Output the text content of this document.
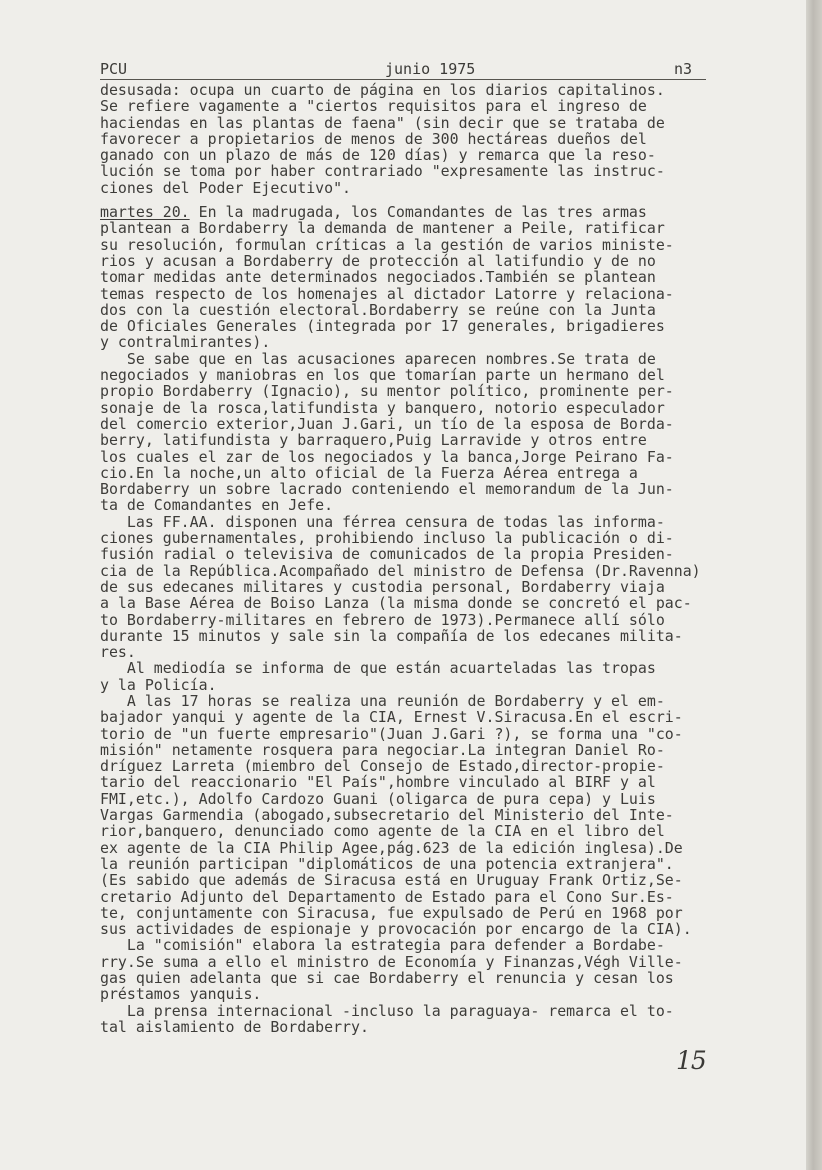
PCU	junio 1975	n3
desusada: ocupa un cuarto de página en los diarios capitalinos.
Se refiere vagamente a "ciertos requisitos para el ingreso de
haciendas en las plantas de faena" (sin decir que se trataba de
favorecer a propietarios de menos de 300 hectáreas dueños del
ganado con un plazo de más de 120 días) y remarca que la reso-
lución se toma por haber contrariado "expresamente las instruc-
ciones del Poder Ejecutivo".
martes 20. En la madrugada, los Comandantes de las tres armas
plantean a Bordaberry la demanda de mantener a Peile, ratificar
su resolución, formulan críticas a la gestión de varios ministe-
rios y acusan a Bordaberry de protección al latifundio y de no
tomar medidas ante determinados negociados.También se plantean
temas respecto de los homenajes al dictador Latorre y relaciona-
dos con la cuestión electoral.Bordaberry se reúne con la Junta
de Oficiales Generales (integrada por 17 generales, brigadieres
y contralmirantes).
Se sabe que en las acusaciones aparecen nombres.Se trata de
negociados y maniobras en los que tomarían parte un hermano del
propio Bordaberry (Ignacio), su mentor político, prominente per-
sonaje de la rosca,latifundista y banquero, notorio especulador
del comercio exterior,Juan J.Gari, un tío de la esposa de Borda-
berry, latifundista y barraquero,Puig Larravide y otros entre
los cuales el zar de los negociados y la banca,Jorge Peirano Fa-
cio.En la noche,un alto oficial de la Fuerza Aérea entrega a
Bordaberry un sobre lacrado conteniendo el memorandum de la Jun-
ta de Comandantes en Jefe.
Las FF.AA. disponen una férrea censura de todas las informa-
ciones gubernamentales, prohibiendo incluso la publicación o di-
fusión radial o televisiva de comunicados de la propia Presiden-
cia de la República.Acompañado del ministro de Defensa (Dr.Ravenna)
de sus edecanes militares y custodia personal, Bordaberry viaja
a la Base Aérea de Boiso Lanza (la misma donde se concretó el pac-
to Bordaberry-militares en febrero de 1973).Permanece allí sólo
durante 15 minutos y sale sin la compañía de los edecanes milita-
res.
Al mediodía se informa de que están acuarteladas las tropas
y la Policía.
A las 17 horas se realiza una reunión de Bordaberry y el em-
bajador yanqui y agente de la CIA, Ernest V.Siracusa.En el escri-
torio de "un fuerte empresario"(Juan J.Gari ?), se forma una "co-
misión" netamente rosquera para negociar.La integran Daniel Ro-
dríguez Larreta (miembro del Consejo de Estado,director-propie-
tario del reaccionario "El País",hombre vinculado al BIRF y al
FMI,etc.), Adolfo Cardozo Guani (oligarca de pura cepa) y Luis
Vargas Garmendia (abogado,subsecretario del Ministerio del Inte-
rior,banquero, denunciado como agente de la CIA en el libro del
ex agente de la CIA Philip Agee,pág.623 de la edición inglesa).De
la reunión participan "diplomáticos de una potencia extranjera".
(Es sabido que además de Siracusa está en Uruguay Frank Ortiz,Se-
cretario Adjunto del Departamento de Estado para el Cono Sur.Es-
te, conjuntamente con Siracusa, fue expulsado de Perú en 1968 por
sus actividades de espionaje y provocación por encargo de la CIA).
La "comisión" elabora la estrategia para defender a Bordabe-
rry.Se suma a ello el ministro de Economía y Finanzas,Végh Ville-
gas quien adelanta que si cae Bordaberry el renuncia y cesan los
préstamos yanquis.
La prensa internacional -incluso la paraguaya- remarca el to-
tal aislamiento de Bordaberry.
15
